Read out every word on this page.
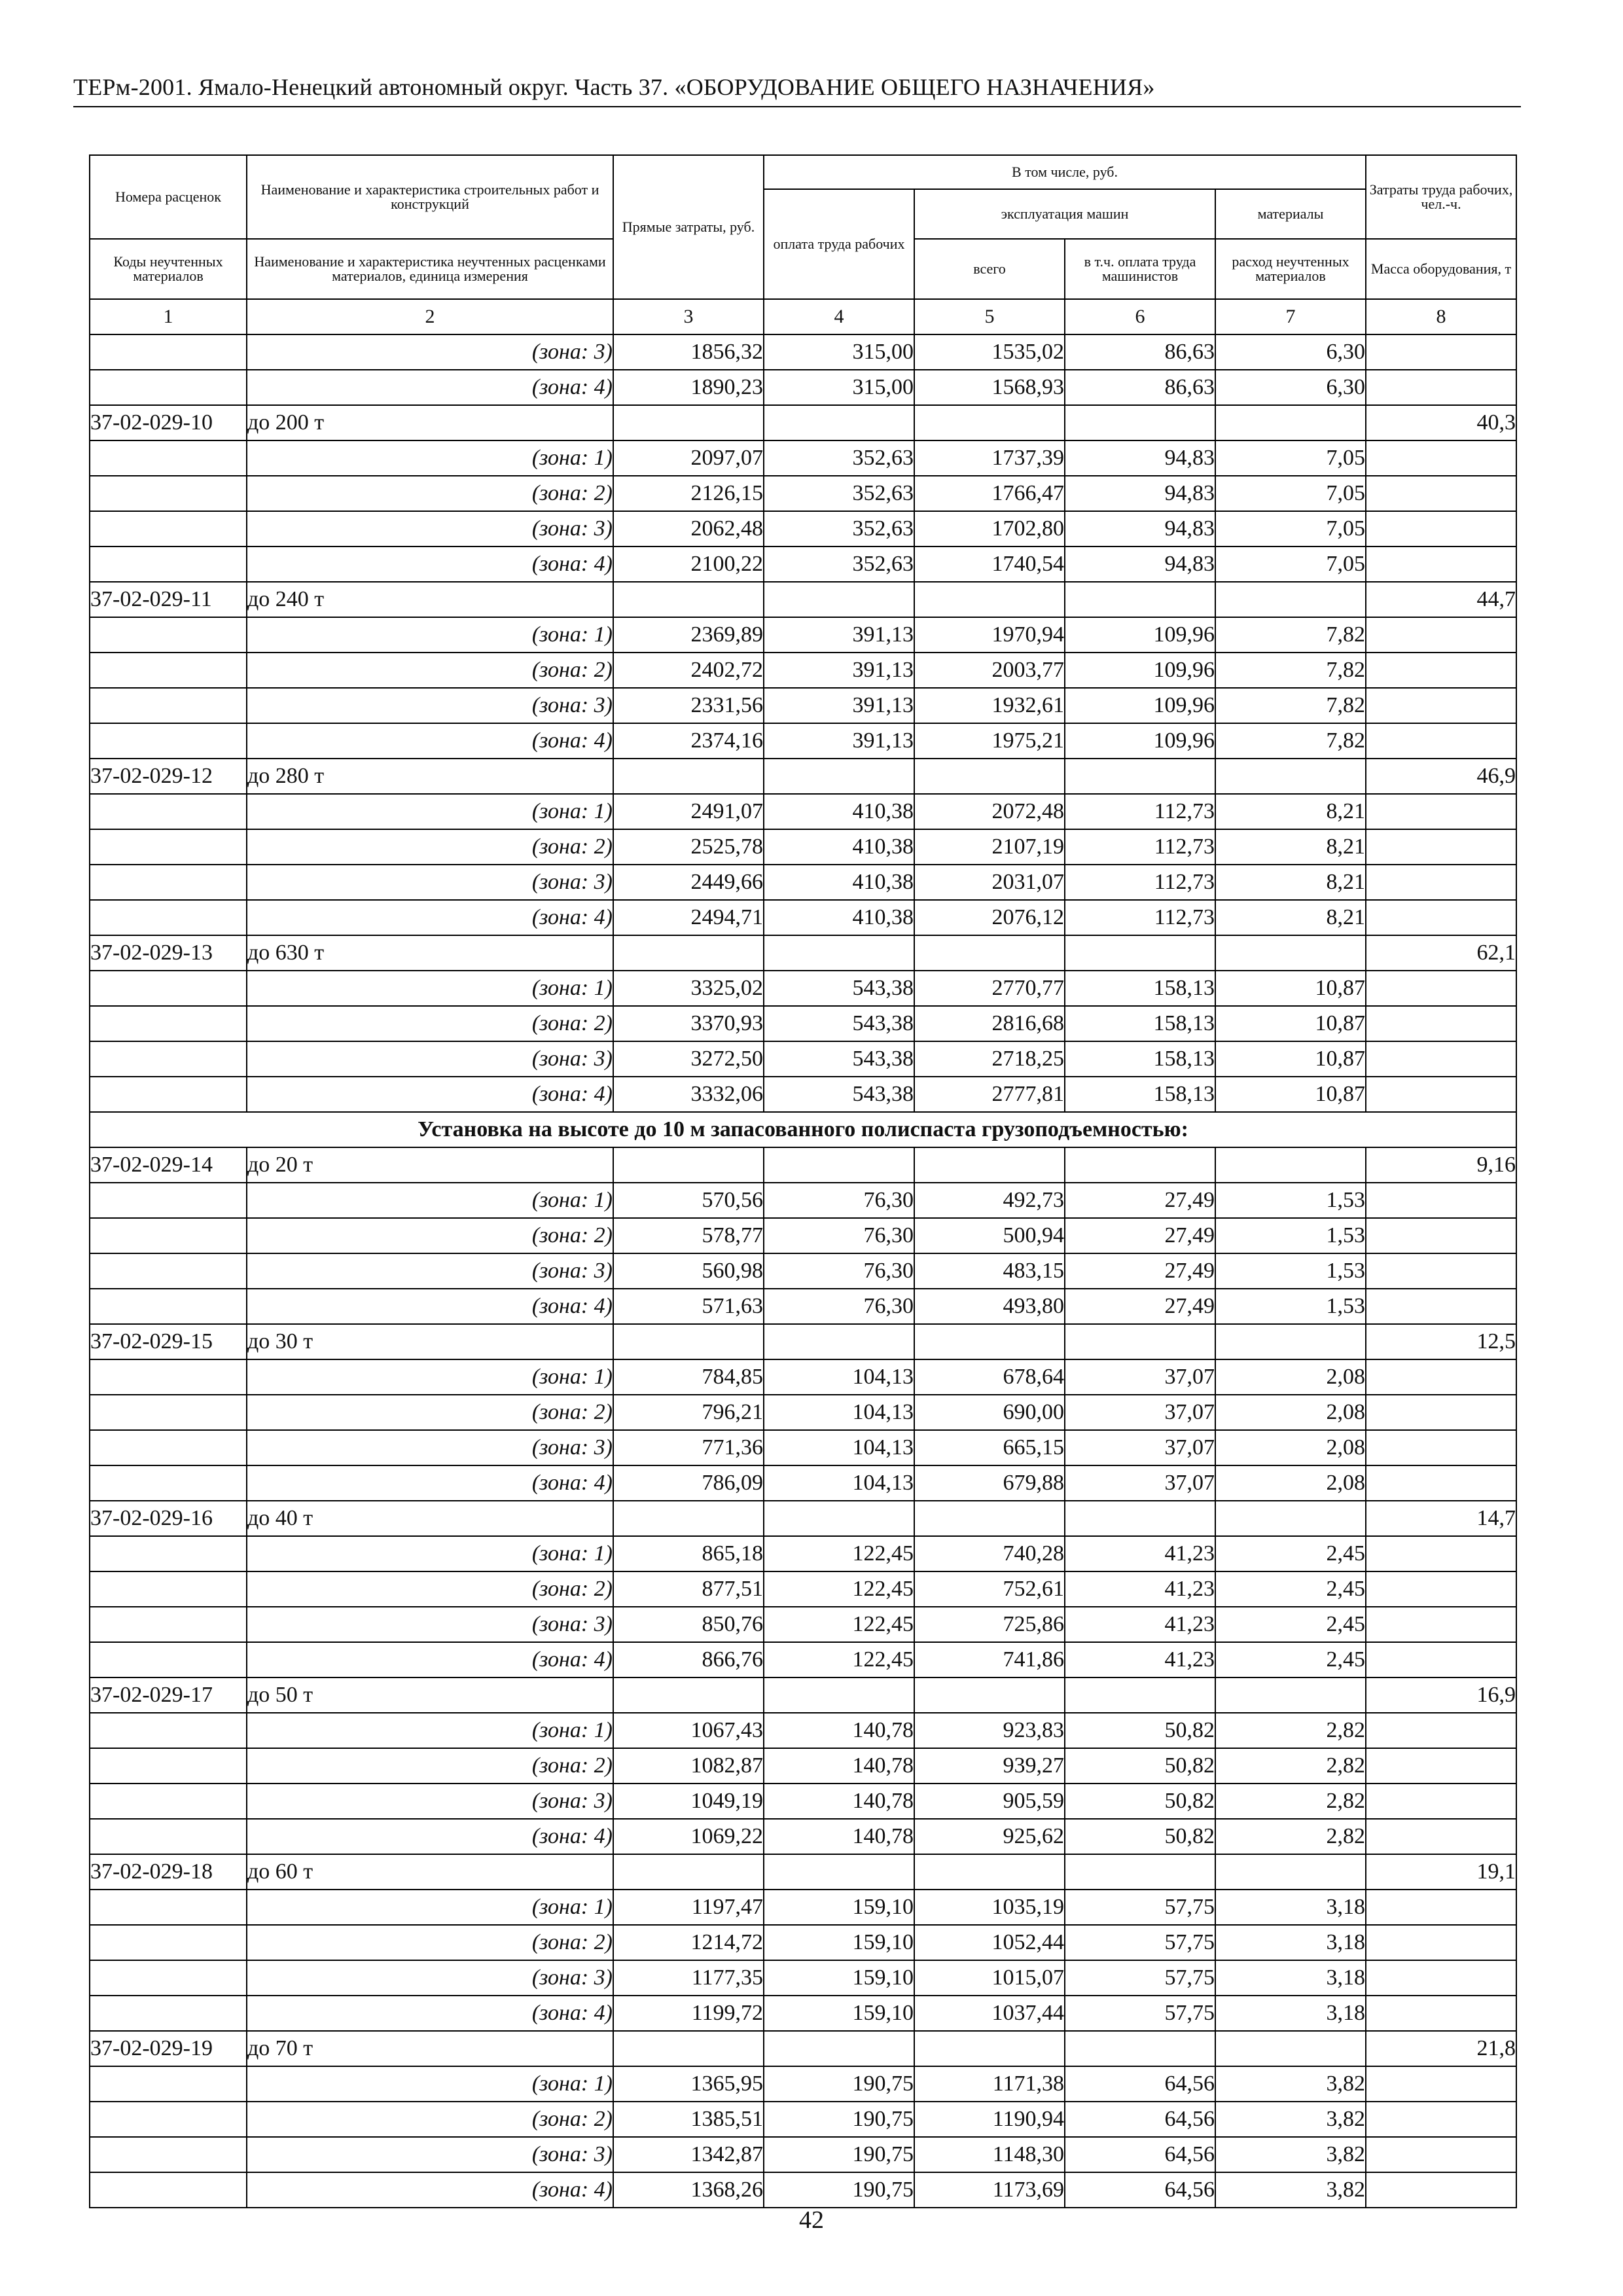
ТЕРм-2001. Ямало-Ненецкий автономный округ. Часть 37. «ОБОРУДОВАНИЕ ОБЩЕГО НАЗНАЧЕНИЯ»
Номера расценок	Наименование и характеристика строительных работ и конструкций	Прямые затраты, руб.	В том числе, руб.				Затраты труда рабочих, чел.-ч.

			оплата труда рабочих	эксплуатация машин		материалы	

Коды неучтенных материалов	Наименование и характеристика неучтенных расценками материалов, единица измерения			всего	в т.ч. оплата труда машинистов	расход неучтенных материалов	Масса оборудования, т

1	2	3	4	5	6	7	8
	(зона: 3)	1856,32	315,00	1535,02	86,63	6,30	
	(зона: 4)	1890,23	315,00	1568,93	86,63	6,30	
37-02-029-10	до 200 т						40,3
	(зона: 1)	2097,07	352,63	1737,39	94,83	7,05	
	(зона: 2)	2126,15	352,63	1766,47	94,83	7,05	
	(зона: 3)	2062,48	352,63	1702,80	94,83	7,05	
	(зона: 4)	2100,22	352,63	1740,54	94,83	7,05	
37-02-029-11	до 240 т						44,7
	(зона: 1)	2369,89	391,13	1970,94	109,96	7,82	
	(зона: 2)	2402,72	391,13	2003,77	109,96	7,82	
	(зона: 3)	2331,56	391,13	1932,61	109,96	7,82	
	(зона: 4)	2374,16	391,13	1975,21	109,96	7,82	
37-02-029-12	до 280 т						46,9
	(зона: 1)	2491,07	410,38	2072,48	112,73	8,21	
	(зона: 2)	2525,78	410,38	2107,19	112,73	8,21	
	(зона: 3)	2449,66	410,38	2031,07	112,73	8,21	
	(зона: 4)	2494,71	410,38	2076,12	112,73	8,21	
37-02-029-13	до 630 т						62,1
	(зона: 1)	3325,02	543,38	2770,77	158,13	10,87	
	(зона: 2)	3370,93	543,38	2816,68	158,13	10,87	
	(зона: 3)	3272,50	543,38	2718,25	158,13	10,87	
	(зона: 4)	3332,06	543,38	2777,81	158,13	10,87	
Установка на высоте до 10 м запасованного полиспаста грузоподъемностью:							
37-02-029-14	до 20 т						9,16
	(зона: 1)	570,56	76,30	492,73	27,49	1,53	
	(зона: 2)	578,77	76,30	500,94	27,49	1,53	
	(зона: 3)	560,98	76,30	483,15	27,49	1,53	
	(зона: 4)	571,63	76,30	493,80	27,49	1,53	
37-02-029-15	до 30 т						12,5
	(зона: 1)	784,85	104,13	678,64	37,07	2,08	
	(зона: 2)	796,21	104,13	690,00	37,07	2,08	
	(зона: 3)	771,36	104,13	665,15	37,07	2,08	
	(зона: 4)	786,09	104,13	679,88	37,07	2,08	
37-02-029-16	до 40 т						14,7
	(зона: 1)	865,18	122,45	740,28	41,23	2,45	
	(зона: 2)	877,51	122,45	752,61	41,23	2,45	
	(зона: 3)	850,76	122,45	725,86	41,23	2,45	
	(зона: 4)	866,76	122,45	741,86	41,23	2,45	
37-02-029-17	до 50 т						16,9
	(зона: 1)	1067,43	140,78	923,83	50,82	2,82	
	(зона: 2)	1082,87	140,78	939,27	50,82	2,82	
	(зона: 3)	1049,19	140,78	905,59	50,82	2,82	
	(зона: 4)	1069,22	140,78	925,62	50,82	2,82	
37-02-029-18	до 60 т						19,1
	(зона: 1)	1197,47	159,10	1035,19	57,75	3,18	
	(зона: 2)	1214,72	159,10	1052,44	57,75	3,18	
	(зона: 3)	1177,35	159,10	1015,07	57,75	3,18	
	(зона: 4)	1199,72	159,10	1037,44	57,75	3,18	
37-02-029-19	до 70 т						21,8
	(зона: 1)	1365,95	190,75	1171,38	64,56	3,82	
	(зона: 2)	1385,51	190,75	1190,94	64,56	3,82	
	(зона: 3)	1342,87	190,75	1148,30	64,56	3,82	
	(зона: 4)	1368,26	190,75	1173,69	64,56	3,82	
42
